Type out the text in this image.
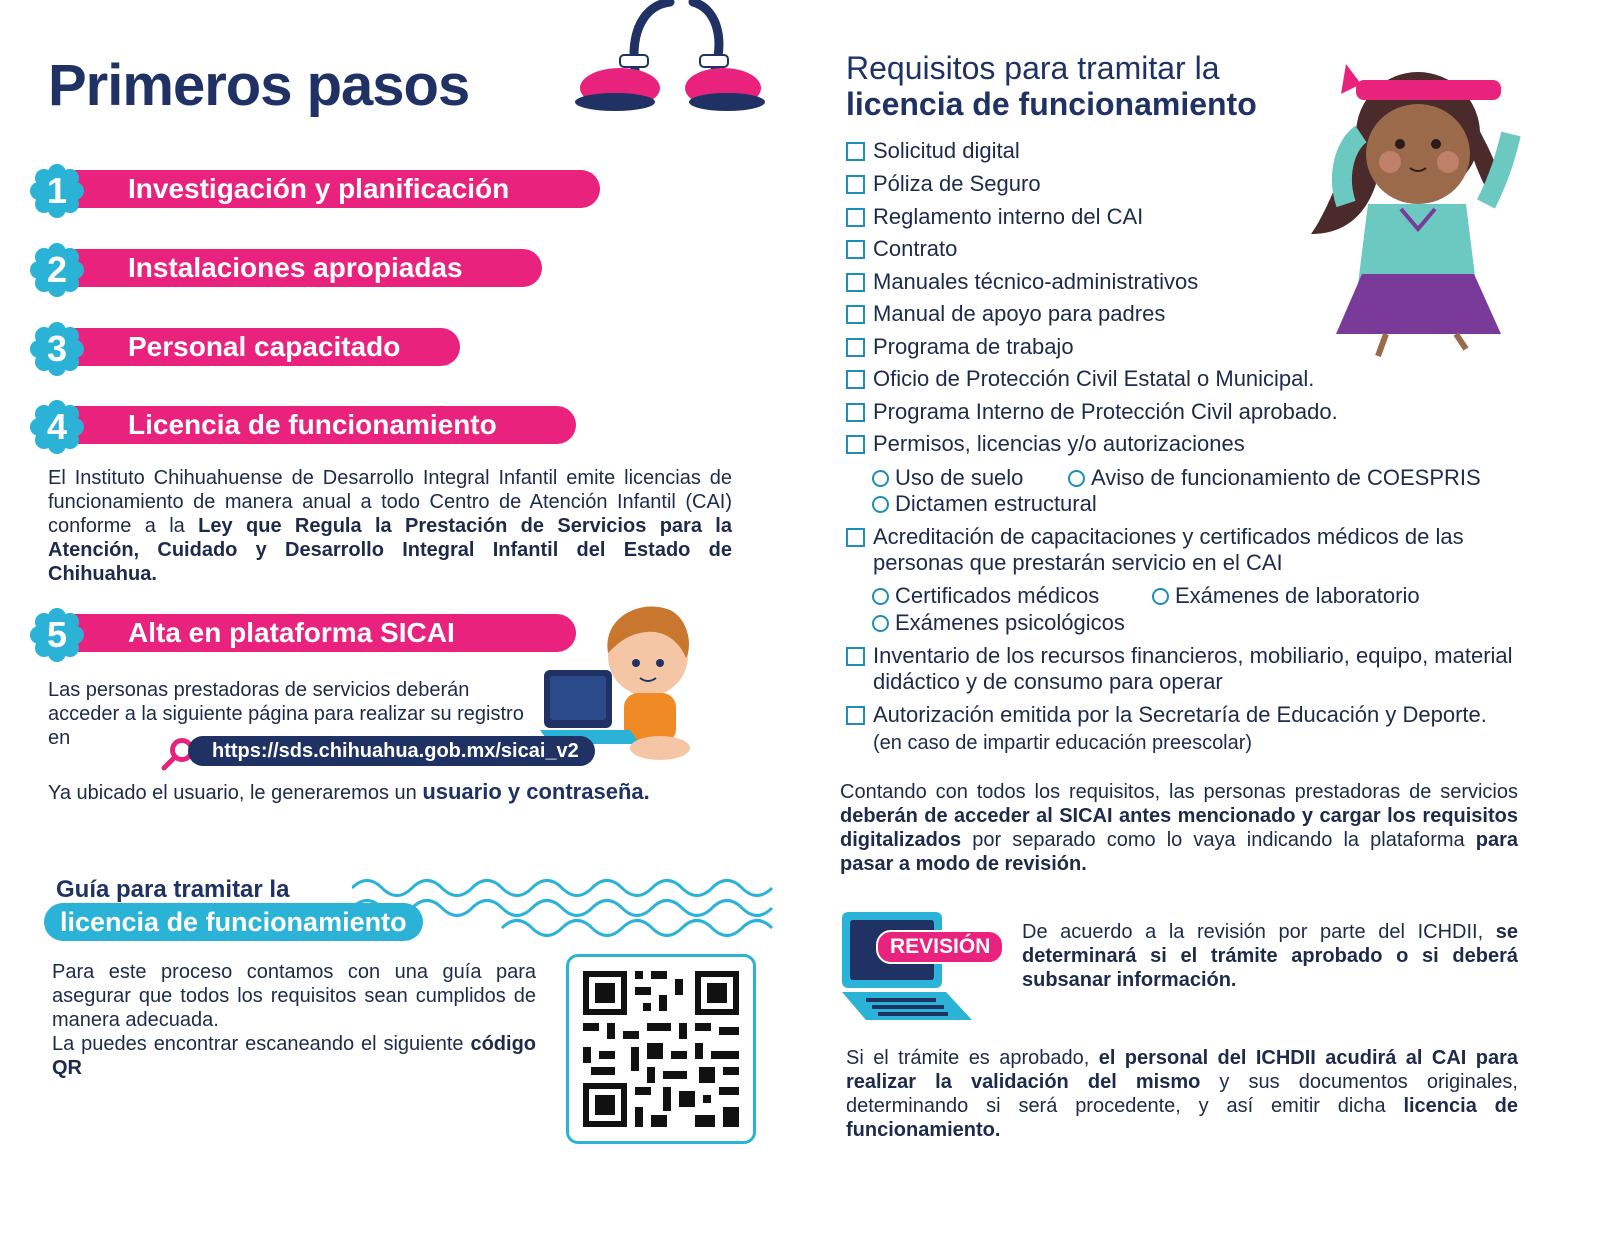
Primeros pasos
Investigación y planificación
1
Instalaciones apropiadas
2
Personal capacitado
3
Licencia de funcionamiento
4
El Instituto Chihuahuense de Desarrollo Integral Infantil emite licencias de funcionamiento de manera anual a todo Centro de Atención Infantil (CAI) conforme a la Ley que Regula la Prestación de Servicios para la Atención, Cuidado y Desarrollo Integral Infantil del Estado de Chihuahua.
Alta en plataforma SICAI
5
Las personas prestadoras de servicios deberán acceder a la siguiente página para realizar su registro en
https://sds.chihuahua.gob.mx/sicai_v2
Ya ubicado el usuario, le generaremos un usuario y contraseña.
Guía para tramitar la
licencia de funcionamiento
Para este proceso contamos con una guía para asegurar que todos los requisitos sean cumplidos de manera adecuada.
La puedes encontrar escaneando el siguiente código QR
Requisitos para tramitar la
licencia de funcionamiento
Solicitud digital
Póliza de Seguro
Reglamento interno del CAI
Contrato
Manuales técnico-administrativos
Manual de apoyo para padres
Programa de trabajo
Oficio de Protección Civil Estatal o Municipal.
Programa Interno de Protección Civil aprobado.
Permisos, licencias y/o autorizaciones
Uso de suelo	Aviso de funcionamiento de COESPRIS
Dictamen estructural
Acreditación de capacitaciones y certificados médicos de las personas que prestarán servicio en el CAI
Certificados médicos	Exámenes de laboratorio
Exámenes psicológicos
Inventario de los recursos financieros, mobiliario, equipo, material didáctico y de consumo para operar
Autorización emitida por la Secretaría de Educación y Deporte. (en caso de impartir educación preescolar)
Contando con todos los requisitos, las personas prestadoras de servicios deberán de acceder al SICAI antes mencionado y cargar los requisitos digitalizados por separado como lo vaya indicando la plataforma para pasar a modo de revisión.
REVISIÓN
De acuerdo a la revisión por parte del ICHDII, se determinará si el trámite aprobado o si deberá subsanar información.
Si el trámite es aprobado, el personal del ICHDII acudirá al CAI para realizar la validación del mismo y sus documentos originales, determinando si será procedente, y así emitir dicha licencia de funcionamiento.
